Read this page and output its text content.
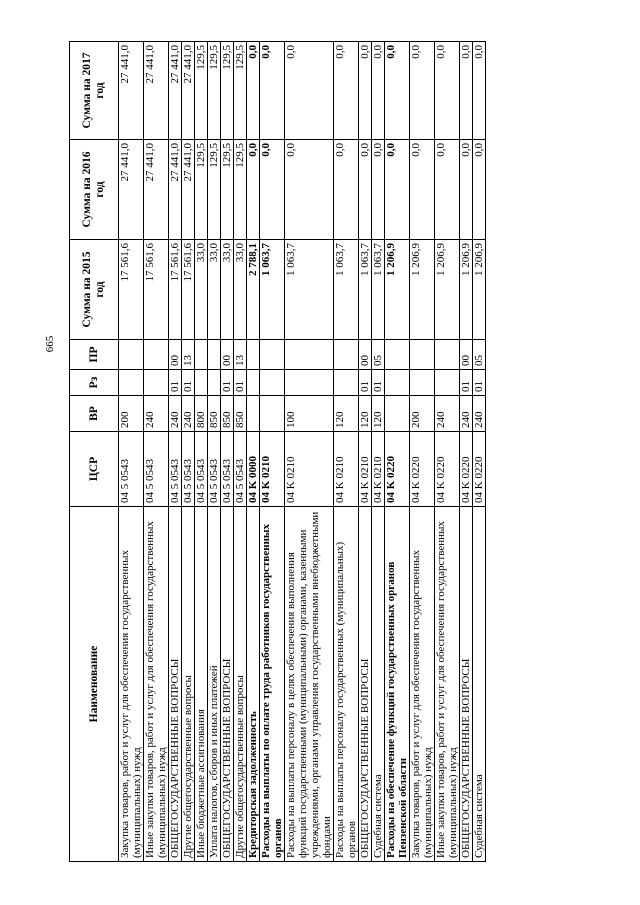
665
Наименование	ЦСР	ВР	Рз	ПР	Сумма на 2015 год	Сумма на 2016 год	Сумма на 2017 год
Закупка товаров, работ и услуг для обеспечения государственных (муниципальных) нужд	04 5 0543	200			17 561,6	27 441,0	27 441,0
Иные закупки товаров, работ и услуг для обеспечения государственных (муниципальных) нужд	04 5 0543	240			17 561,6	27 441,0	27 441,0
ОБЩЕГОСУДАРСТВЕННЫЕ ВОПРОСЫ	04 5 0543	240	01	00	17 561,6	27 441,0	27 441,0
Другие общегосударственные вопросы	04 5 0543	240	01	13	17 561,6	27 441,0	27 441,0
Иные бюджетные ассигнования	04 5 0543	800			33,0	129,5	129,5
Уплата налогов, сборов и иных платежей	04 5 0543	850			33,0	129,5	129,5
ОБЩЕГОСУДАРСТВЕННЫЕ ВОПРОСЫ	04 5 0543	850	01	00	33,0	129,5	129,5
Другие общегосударственные вопросы	04 5 0543	850	01	13	33,0	129,5	129,5
Кредиторская задолженность	04 K 0000				2 788,1	0,0	0,0
Расходы на выплаты по оплате труда работников государственных органов	04 K 0210				1 063,7	0,0	0,0
Расходы на выплаты персоналу в целях обеспечения выполнения функций государственными (муниципальными) органами, казенными учреждениями, органами управления государственными внебюджетными фондами	04 K 0210	100			1 063,7	0,0	0,0
Расходы на выплаты персоналу государственных (муниципальных) органов	04 K 0210	120			1 063,7	0,0	0,0
ОБЩЕГОСУДАРСТВЕННЫЕ ВОПРОСЫ	04 K 0210	120	01	00	1 063,7	0,0	0,0
Судебная система	04 K 0210	120	01	05	1 063,7	0,0	0,0
Расходы на обеспечение функций государственных органов Пензенской области	04 K 0220				1 206,9	0,0	0,0
Закупка товаров, работ и услуг для обеспечения государственных (муниципальных) нужд	04 K 0220	200			1 206,9	0,0	0,0
Иные закупки товаров, работ и услуг для обеспечения государственных (муниципальных) нужд	04 K 0220	240			1 206,9	0,0	0,0
ОБЩЕГОСУДАРСТВЕННЫЕ ВОПРОСЫ	04 K 0220	240	01	00	1 206,9	0,0	0,0
Судебная система	04 K 0220	240	01	05	1 206,9	0,0	0,0
